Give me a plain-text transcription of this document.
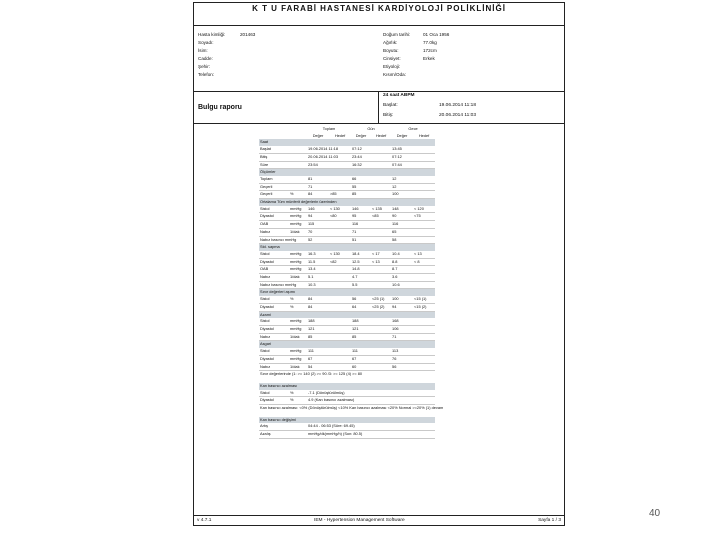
K T U FARABİ HASTANESİ KARDİYOLOJİ POLİKLİNİĞİ
Hasta kimliği:	201463
Soyadı:
İsim:
Cadde:
Şehir:
Telefon:
Doğum tarihi:	01 Oca 1956
Ağırlık:	77.0kg
Boyutu:	172cm
Cinsiyet:	Erkek
Etiyoloji:
Kısım/Oda:
Bulgu raporu
24 saat ABPM
Başlat:	19.06.2014 11:18
Bitiş:	20.06.2014 11:03
		Toplam		Gün		Gece	
		Değer	Hedef	Değer	Hedef	Değer	Hedef
Saat							
Başlat		19.06.2014 11:18		07:12		13:45	
Bitiş		20.06.2014 11:03		23:44		07:12	
Süre		23:54		16:32		07:44	
Ölçümler							
Toplam		81		66		12	
Geçerli		71		55		12	
Geçerli	%	84	>85	85		100	
Ortalama Tüm münferit değerlerin üzerinden							
Sistol	mmHg	146	< 130	146	< 135	148	< 120
Diyastol	mmHg	94	<80	95	<85	90	<75
OAB	mmHg	115		116		116	
Nabız	1/dak	70		71		65	
Nabız basıncı mmHg		52		51		58	
Std. sapma							
Sistol	mmHg	16.3	< 130	18.4	< 17	10.4	< 13
Diyastol	mmHg	11.5	<82	12.5	< 13	8.8	< 8
OAB	mmHg	13.4		14.8		8.7	
Nabız	1/dak	5.1		4.7		3.6	
Nabız basıncı mmHg		10.3		5.5		10.6	
Sınır değerleri aşımı							
Sistol	%	84		56	<25 (1)	100	<15 (1)
Diyastol	%	84		64	<25 (2)	94	<15 (2)
Azami							
Sistol	mmHg	188		188		168	
Diyastol	mmHg	121		121		106	
Nabız	1/dak	85		85		71	
Asgari							
Sistol	mmHg	111		111		113	
Diyastol	mmHg	67		67		76	
Nabız	1/dak	54		60		56	
Sınır değerlerinde (1: >= 140 (2) >= 90 /3: >= 125 (4) >= 80							

Kan basıncı azalması							
Sistol	%	-7.1 (Dönüştürülmüş)					
Diyastol	%	4.9 (Kan basıncı azalması)					
Kan basıncı azalması: <0% (Dönüştürülmüş) <10% Kan basıncı azalması <20% Normal >=20% (1) devam							

Kan basıncı değişimi							
Artış		04:44 - 06:53 (Süre: 69.45)					
Azalış		mmHg/dk(mmHg/h) (Son: 80.5)					
v 4.7.1	IEM - Hypertension Management Software	Sayfa 1 / 3
40
